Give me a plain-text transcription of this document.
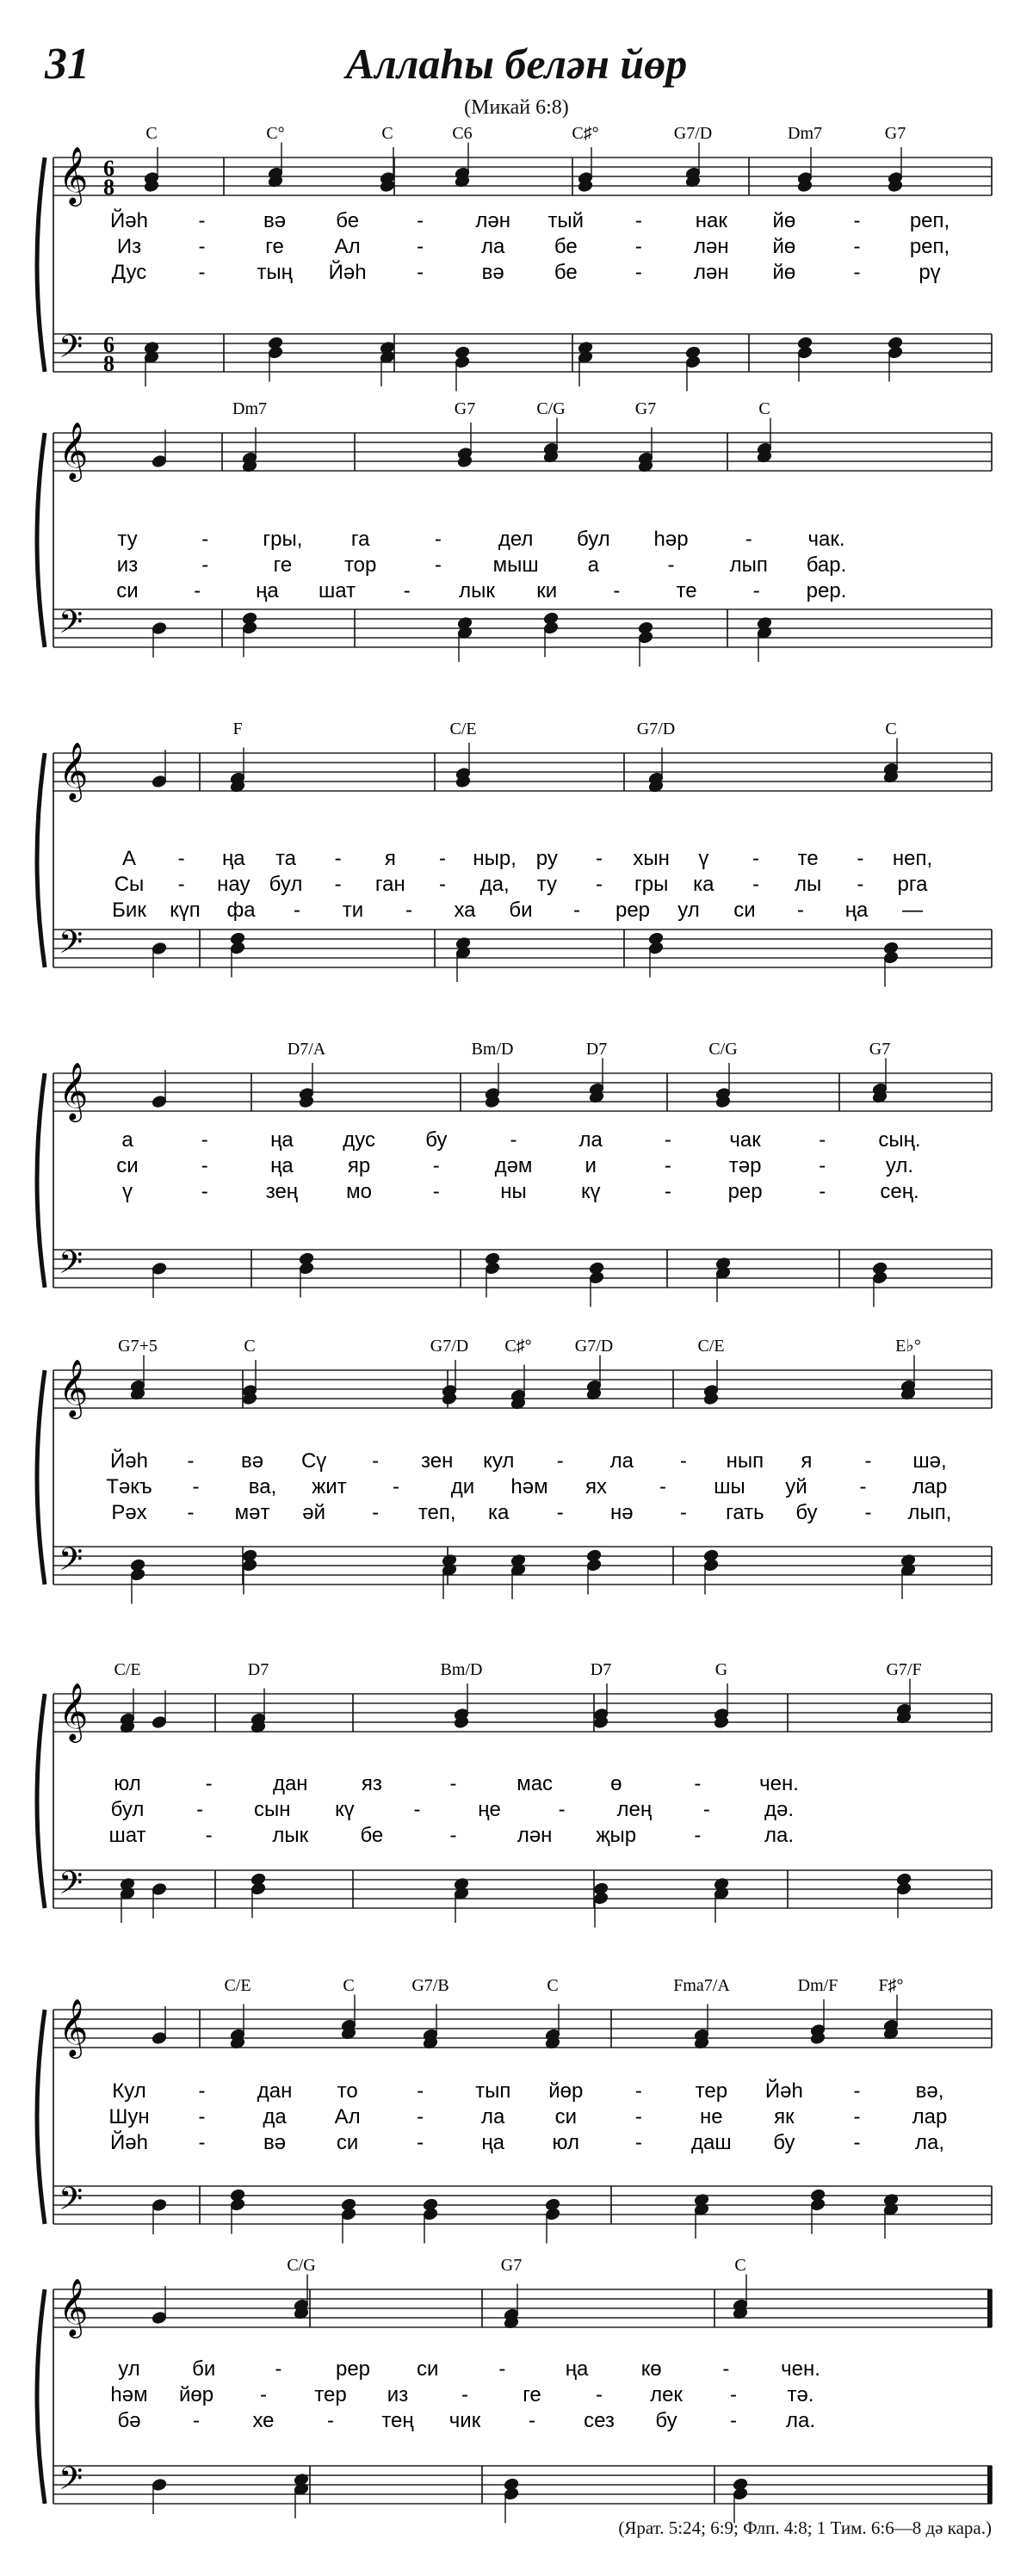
31	Аллаһы белән йөр
(Микай 6:8)
𝄞
𝄢
6
8
6
8
C	C°	C	C6	C♯°	G7/D	Dm7	G7
Йәһ -	вә бе	-	лән тый -	нак йө	- реп,
Из	-	ге Ал	-	ла бе	-	лән йө	- реп,
Дус	- тың Йәһ -	вә бе	-	лән йө	-	рү
𝄞
𝄢
Dm7	G7	C/G	G7	C
ту	-	гры, га	-	дел бул һәр	-	чак.
из	-	ге	тор	- мыш а	-	лып бар.
си	-	ңа шат - лык ки	-	те	- рер.
𝄞
𝄢
F	C/E	G7/D	C
А - ңа та - я - ныр, ру - хын ү - те - неп,
Сы - нау бул - ган - да, ту - гры ка - лы - рга
Бик күп фа - ти - ха би - рер ул си - ңа —
𝄞
𝄢
D7/A	Bm/D	D7	C/G	G7
а	-	ңа дус бу	-	ла	-	чак	-	сың.
си	-	ңа	яр	-	дәм	и	-	тәр	-	ул.
ү	-	зең мо	-	ны	кү	-	рер	-	сең.
𝄞
𝄢
G7+5	C	G7/D C♯°	G7/D	C/E	E♭°
Йәһ - вә Сү - зен кул - ла - нып я	- шә,
Тәкъ - ва, жит - ди һәм ях	- шы уй	- лар
Рәх - мәт әй - теп, ка - нә - гать бу - лып,
𝄞
𝄢
C/E	D7	Bm/D	D7	G	G7/F
юл	-	дан	яз	-	мас	ө	-	чен.
бул	- сын кү	-	ңе	- лең -	дә.
шат	-	лык	бе	-	лән җыр	-	ла.
𝄞
𝄢
C/E	C	G7/B	C	Fma7/A	Dm/F F♯°
Кул	-	дан то	- тып йөр	-	тер Йәһ -	вә,
Шун -	да Ал	-	ла си	-	не як	-	лар
Йәһ -	вә си	-	ңа юл	- даш бу	-	ла,
𝄞
𝄢
C/G	G7	C
ул	би	-	рер си	-	ңа	кө	- чен.
һәм йөр - тер из	-	ге	- лек - тә.
бә	-	хе	- тең чик - сез бу	- ла.
(Ярат. 5:24; 6:9; Флп. 4:8; 1 Тим. 6:6—8 дә кара.)
